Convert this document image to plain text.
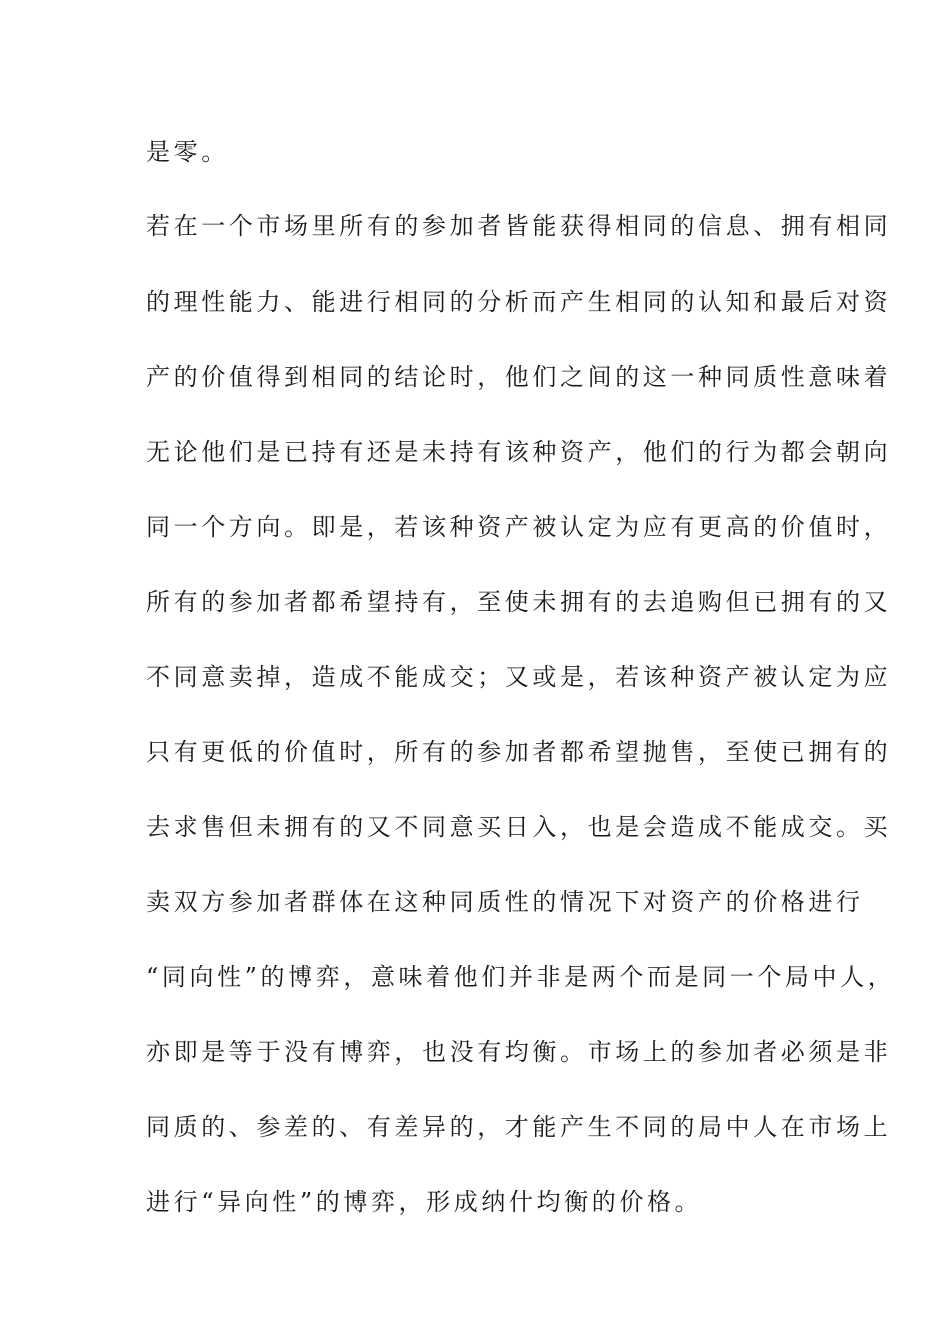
是零。
若在一个市场里所有的参加者皆能获得相同的信息、拥有相同
的理性能力、能进行相同的分析而产生相同的认知和最后对资
产的价值得到相同的结论时，他们之间的这一种同质性意味着
无论他们是已持有还是未持有该种资产，他们的行为都会朝向
同一个方向。即是，若该种资产被认定为应有更高的价值时，
所有的参加者都希望持有，至使未拥有的去追购但已拥有的又
不同意卖掉，造成不能成交；又或是，若该种资产被认定为应
只有更低的价值时，所有的参加者都希望抛售，至使已拥有的
去求售但未拥有的又不同意买日入，也是会造成不能成交。买
卖双方参加者群体在这种同质性的情况下对资产的价格进行
“同向性”的博弈，意味着他们并非是两个而是同一个局中人，
亦即是等于没有博弈，也没有均衡。市场上的参加者必须是非
同质的、参差的、有差异的，才能产生不同的局中人在市场上
进行“异向性”的博弈，形成纳什均衡的价格。
